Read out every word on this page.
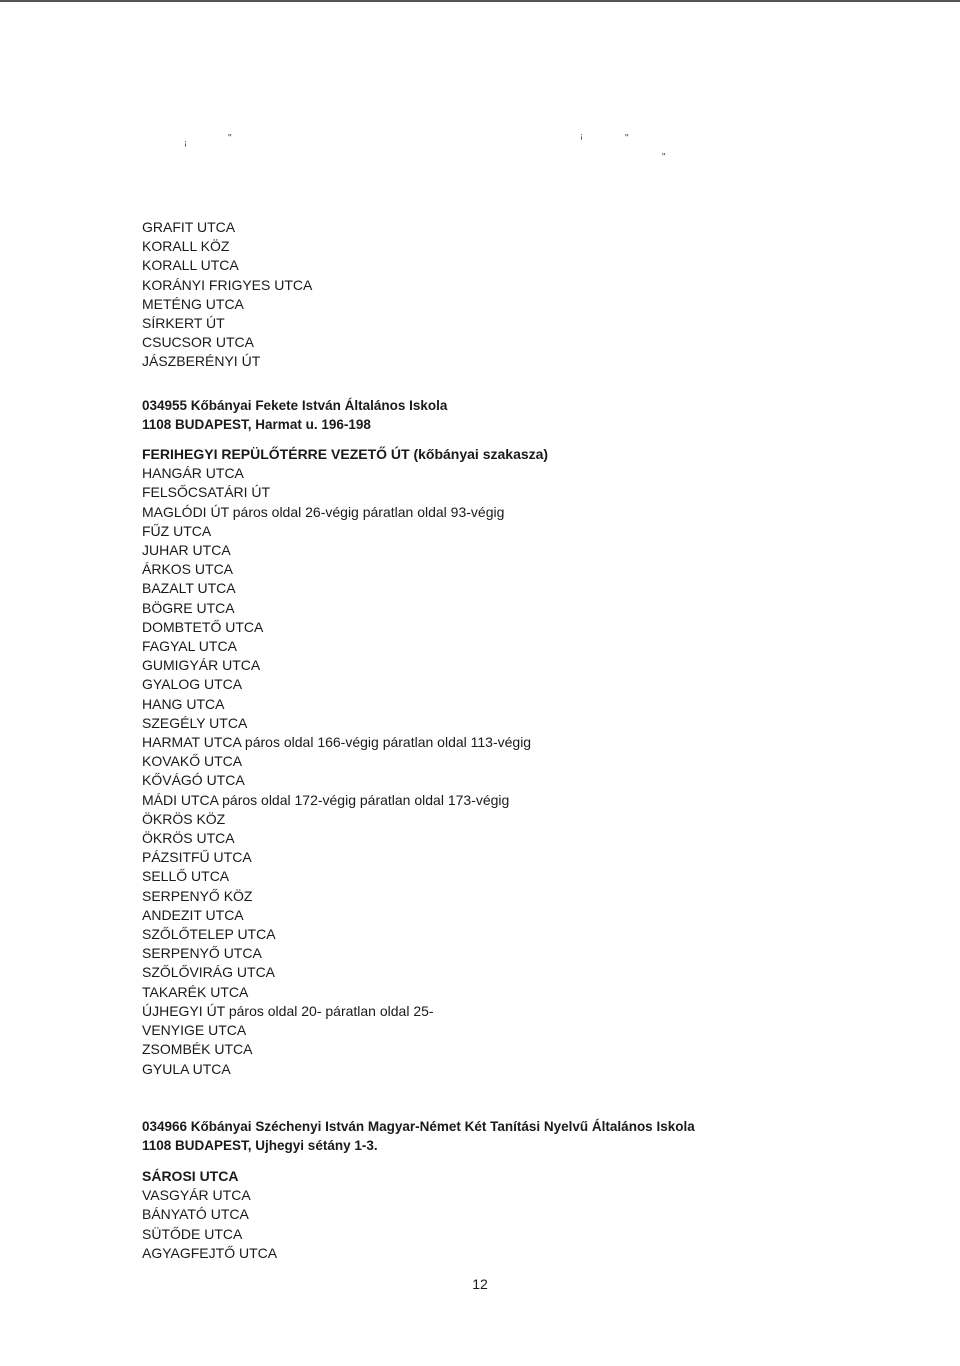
ꜞ
"	ꜞ	"
"
GRAFIT UTCA
KORALL KÖZ
KORALL UTCA
KORÁNYI FRIGYES UTCA
METÉNG UTCA
SÍRKERT ÚT
CSUCSOR UTCA
JÁSZBERÉNYI ÚT
034955 Kőbányai Fekete István Általános Iskola
1108 BUDAPEST, Harmat u. 196-198
FERIHEGYI REPÜLŐTÉRRE VEZETŐ ÚT (kőbányai szakasza)
HANGÁR UTCA
FELSŐCSATÁRI ÚT
MAGLÓDI ÚT páros oldal 26-végig páratlan oldal 93-végig
FŰZ UTCA
JUHAR UTCA
ÁRKOS UTCA
BAZALT UTCA
BÖGRE UTCA
DOMBTETŐ UTCA
FAGYAL UTCA
GUMIGYÁR UTCA
GYALOG UTCA
HANG UTCA
SZEGÉLY UTCA
HARMAT UTCA páros oldal 166-végig páratlan oldal 113-végig
KOVAKŐ UTCA
KŐVÁGÓ UTCA
MÁDI UTCA páros oldal 172-végig páratlan oldal 173-végig
ÖKRÖS KÖZ
ÖKRÖS UTCA
PÁZSITFŰ UTCA
SELLŐ UTCA
SERPENYŐ KÖZ
ANDEZIT UTCA
SZŐLŐTELEP UTCA
SERPENYŐ UTCA
SZŐLŐVIRÁG UTCA
TAKARÉK UTCA
ÚJHEGYI ÚT páros oldal 20- páratlan oldal 25-
VENYIGE UTCA
ZSOMBÉK UTCA
GYULA UTCA
034966 Kőbányai Széchenyi István Magyar-Német Két Tanítási Nyelvű Általános Iskola
1108 BUDAPEST, Ujhegyi sétány 1-3.
SÁROSI UTCA
VASGYÁR UTCA
BÁNYATÓ UTCA
SÜTŐDE UTCA
AGYAGFEJTŐ UTCA
12
